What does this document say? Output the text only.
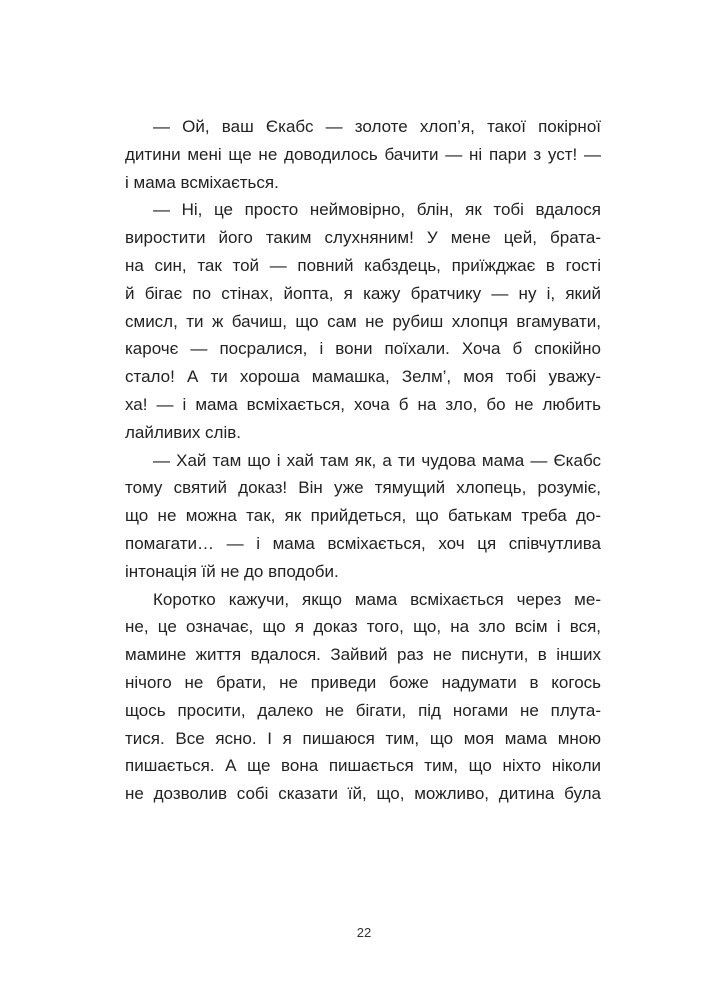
— Ой, ваш Єкабс — золоте хлоп’я, такої покірної
дитини мені ще не доводилось бачити — ні пари з уст! —
і мама всміхається.
— Ні, це просто неймовірно, блін, як тобі вдалося
виростити його таким слухняним! У мене цей, брата-
на син, так той — повний кабздець, приїжджає в гості
й бігає по стінах, йопта, я кажу братчику — ну і, який
смисл, ти ж бачиш, що сам не рубиш хлопця вгамувати,
карочє — посралися, і вони поїхали. Хоча б спокійно
стало! А ти хороша мамашка, Зелм’, моя тобі уважу-
ха! — і мама всміхається, хоча б на зло, бо не любить
лайливих слів.
— Хай там що і хай там як, а ти чудова мама — Єкабс
тому святий доказ! Він уже тямущий хлопець, розуміє,
що не можна так, як прийдеться, що батькам треба до-
помагати… — і мама всміхається, хоч ця співчутлива
інтонація їй не до вподоби.
Коротко кажучи, якщо мама всміхається через ме-
не, це означає, що я доказ того, що, на зло всім і вся,
мамине життя вдалося. Зайвий раз не писнути, в інших
нічого не брати, не приведи боже надумати в когось
щось просити, далеко не бігати, під ногами не плута-
тися. Все ясно. І я пишаюся тим, що моя мама мною
пишається. А ще вона пишається тим, що ніхто ніколи
не дозволив собі сказати їй, що, можливо, дитина була
22
